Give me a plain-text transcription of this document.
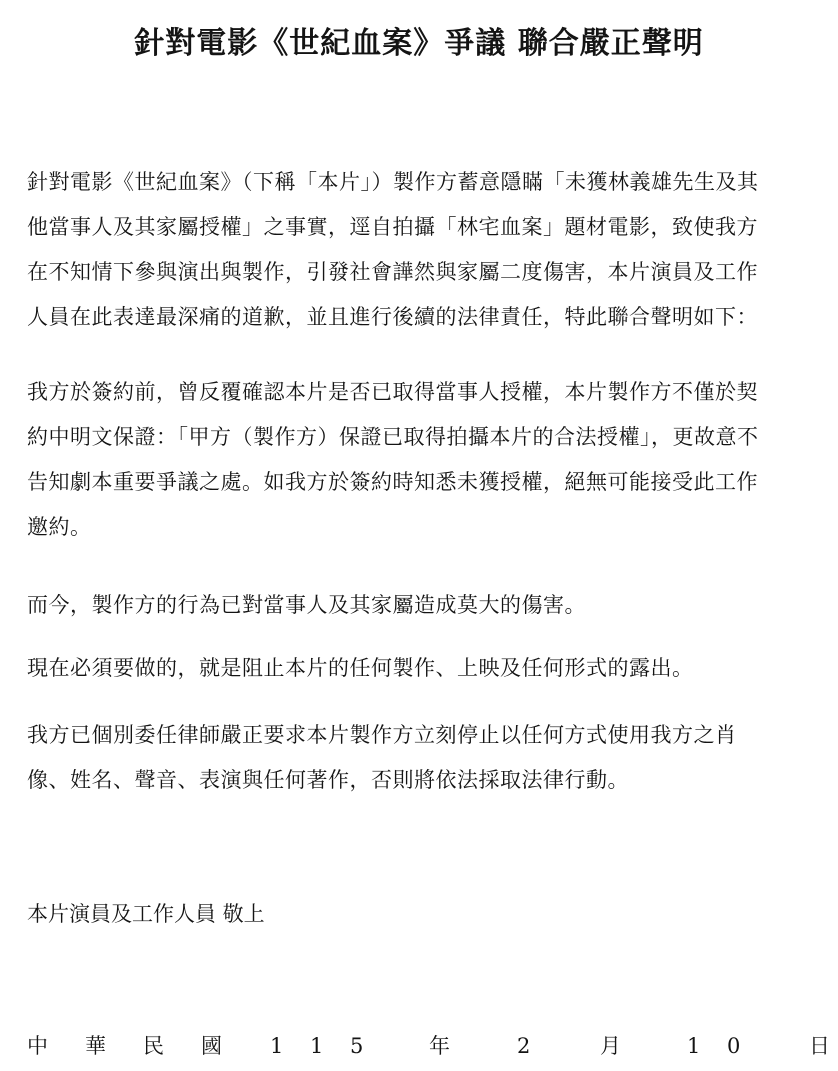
針對電影《世紀血案》爭議 聯合嚴正聲明
針對電影《世紀血案》（下稱「本片」）製作方蓄意隱瞞「未獲林義雄先生及其
他當事人及其家屬授權」之事實，逕自拍攝「林宅血案」題材電影，致使我方
在不知情下參與演出與製作，引發社會譁然與家屬二度傷害，本片演員及工作
人員在此表達最深痛的道歉，並且進行後續的法律責任，特此聯合聲明如下：
我方於簽約前，曾反覆確認本片是否已取得當事人授權，本片製作方不僅於契
約中明文保證：「甲方（製作方）保證已取得拍攝本片的合法授權」，更故意不
告知劇本重要爭議之處。如我方於簽約時知悉未獲授權，絕無可能接受此工作
邀約。
而今，製作方的行為已對當事人及其家屬造成莫大的傷害。
現在必須要做的，就是阻止本片的任何製作、上映及任何形式的露出。
我方已個別委任律師嚴正要求本片製作方立刻停止以任何方式使用我方之肖
像、姓名、聲音、表演與任何著作，否則將依法採取法律行動。
本片演員及工作人員 敬上
中 華 民 國 1 1 5	年	2	月	1 0	日
